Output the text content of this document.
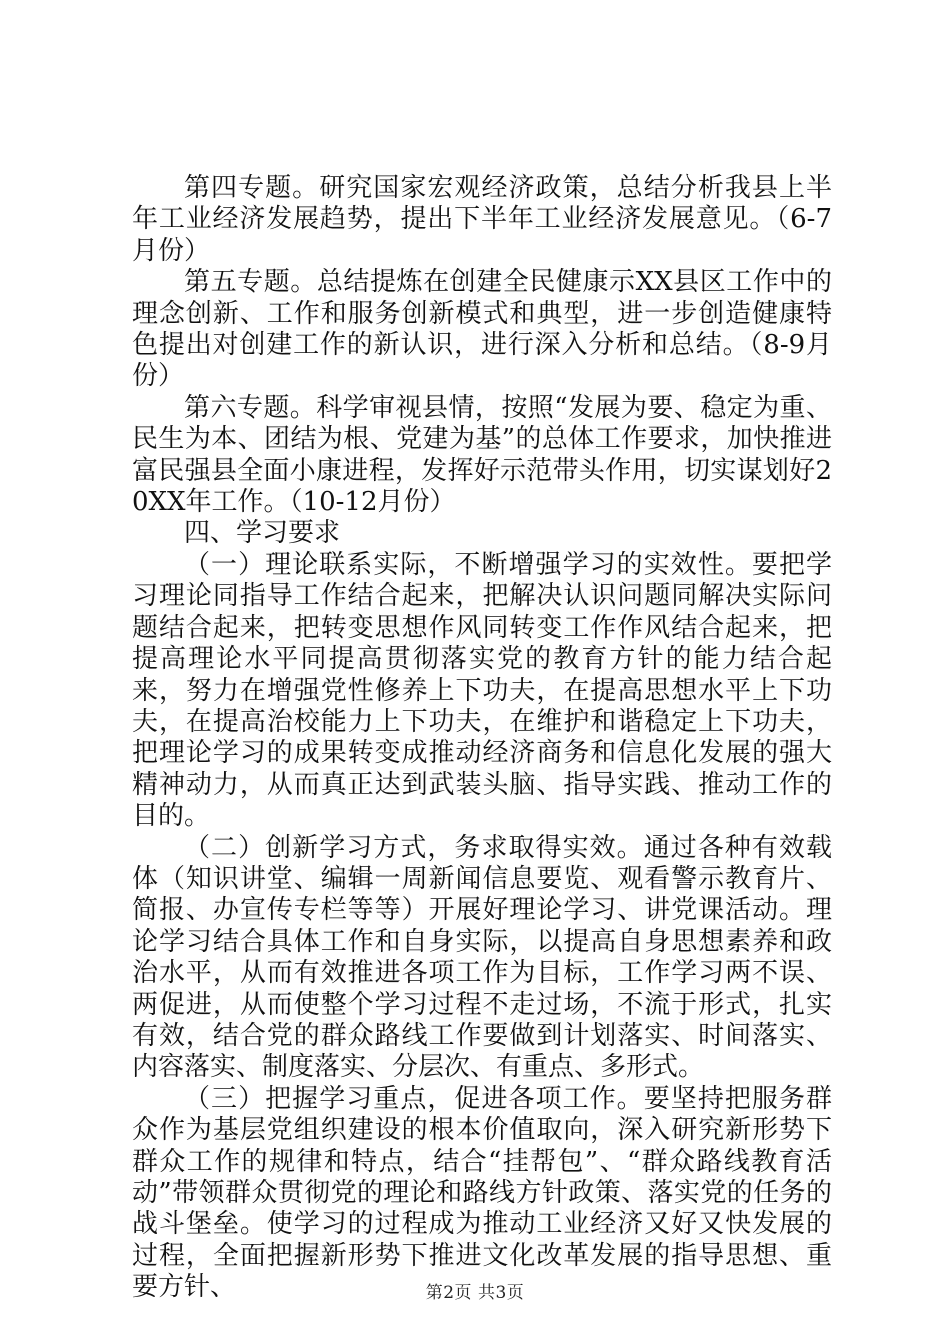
第四专题。研究国家宏观经济政策，总结分析我县上半年工业经济发展趋势，提出下半年工业经济发展意见。（6-7月份）

第五专题。总结提炼在创建全民健康示XX县区工作中的理念创新、工作和服务创新模式和典型，进一步创造健康特色提出对创建工作的新认识，进行深入分析和总结。（8-9月份）

第六专题。科学审视县情，按照“发展为要、稳定为重、民生为本、团结为根、党建为基”的总体工作要求，加快推进富民强县全面小康进程，发挥好示范带头作用，切实谋划好20XX年工作。（10-12月份）

四、学习要求

（一）理论联系实际，不断增强学习的实效性。要把学习理论同指导工作结合起来，把解决认识问题同解决实际问题结合起来，把转变思想作风同转变工作作风结合起来，把提高理论水平同提高贯彻落实党的教育方针的能力结合起来，努力在增强党性修养上下功夫，在提高思想水平上下功夫，在提高治校能力上下功夫，在维护和谐稳定上下功夫，把理论学习的成果转变成推动经济商务和信息化发展的强大精神动力，从而真正达到武装头脑、指导实践、推动工作的目的。

（二）创新学习方式，务求取得实效。通过各种有效载体（知识讲堂、编辑一周新闻信息要览、观看警示教育片、简报、办宣传专栏等等）开展好理论学习、讲党课活动。理论学习结合具体工作和自身实际，以提高自身思想素养和政治水平，从而有效推进各项工作为目标，工作学习两不误、两促进，从而使整个学习过程不走过场，不流于形式，扎实有效，结合党的群众路线工作要做到计划落实、时间落实、内容落实、制度落实、分层次、有重点、多形式。

（三）把握学习重点，促进各项工作。要坚持把服务群众作为基层党组织建设的根本价值取向，深入研究新形势下群众工作的规律和特点，结合“挂帮包”、“群众路线教育活动”带领群众贯彻党的理论和路线方针政策、落实党的任务的战斗堡垒。使学习的过程成为推动工业经济又好又快发展的过程，全面把握新形势下推进文化改革发展的指导思想、重要方针、	第2页 共3页
